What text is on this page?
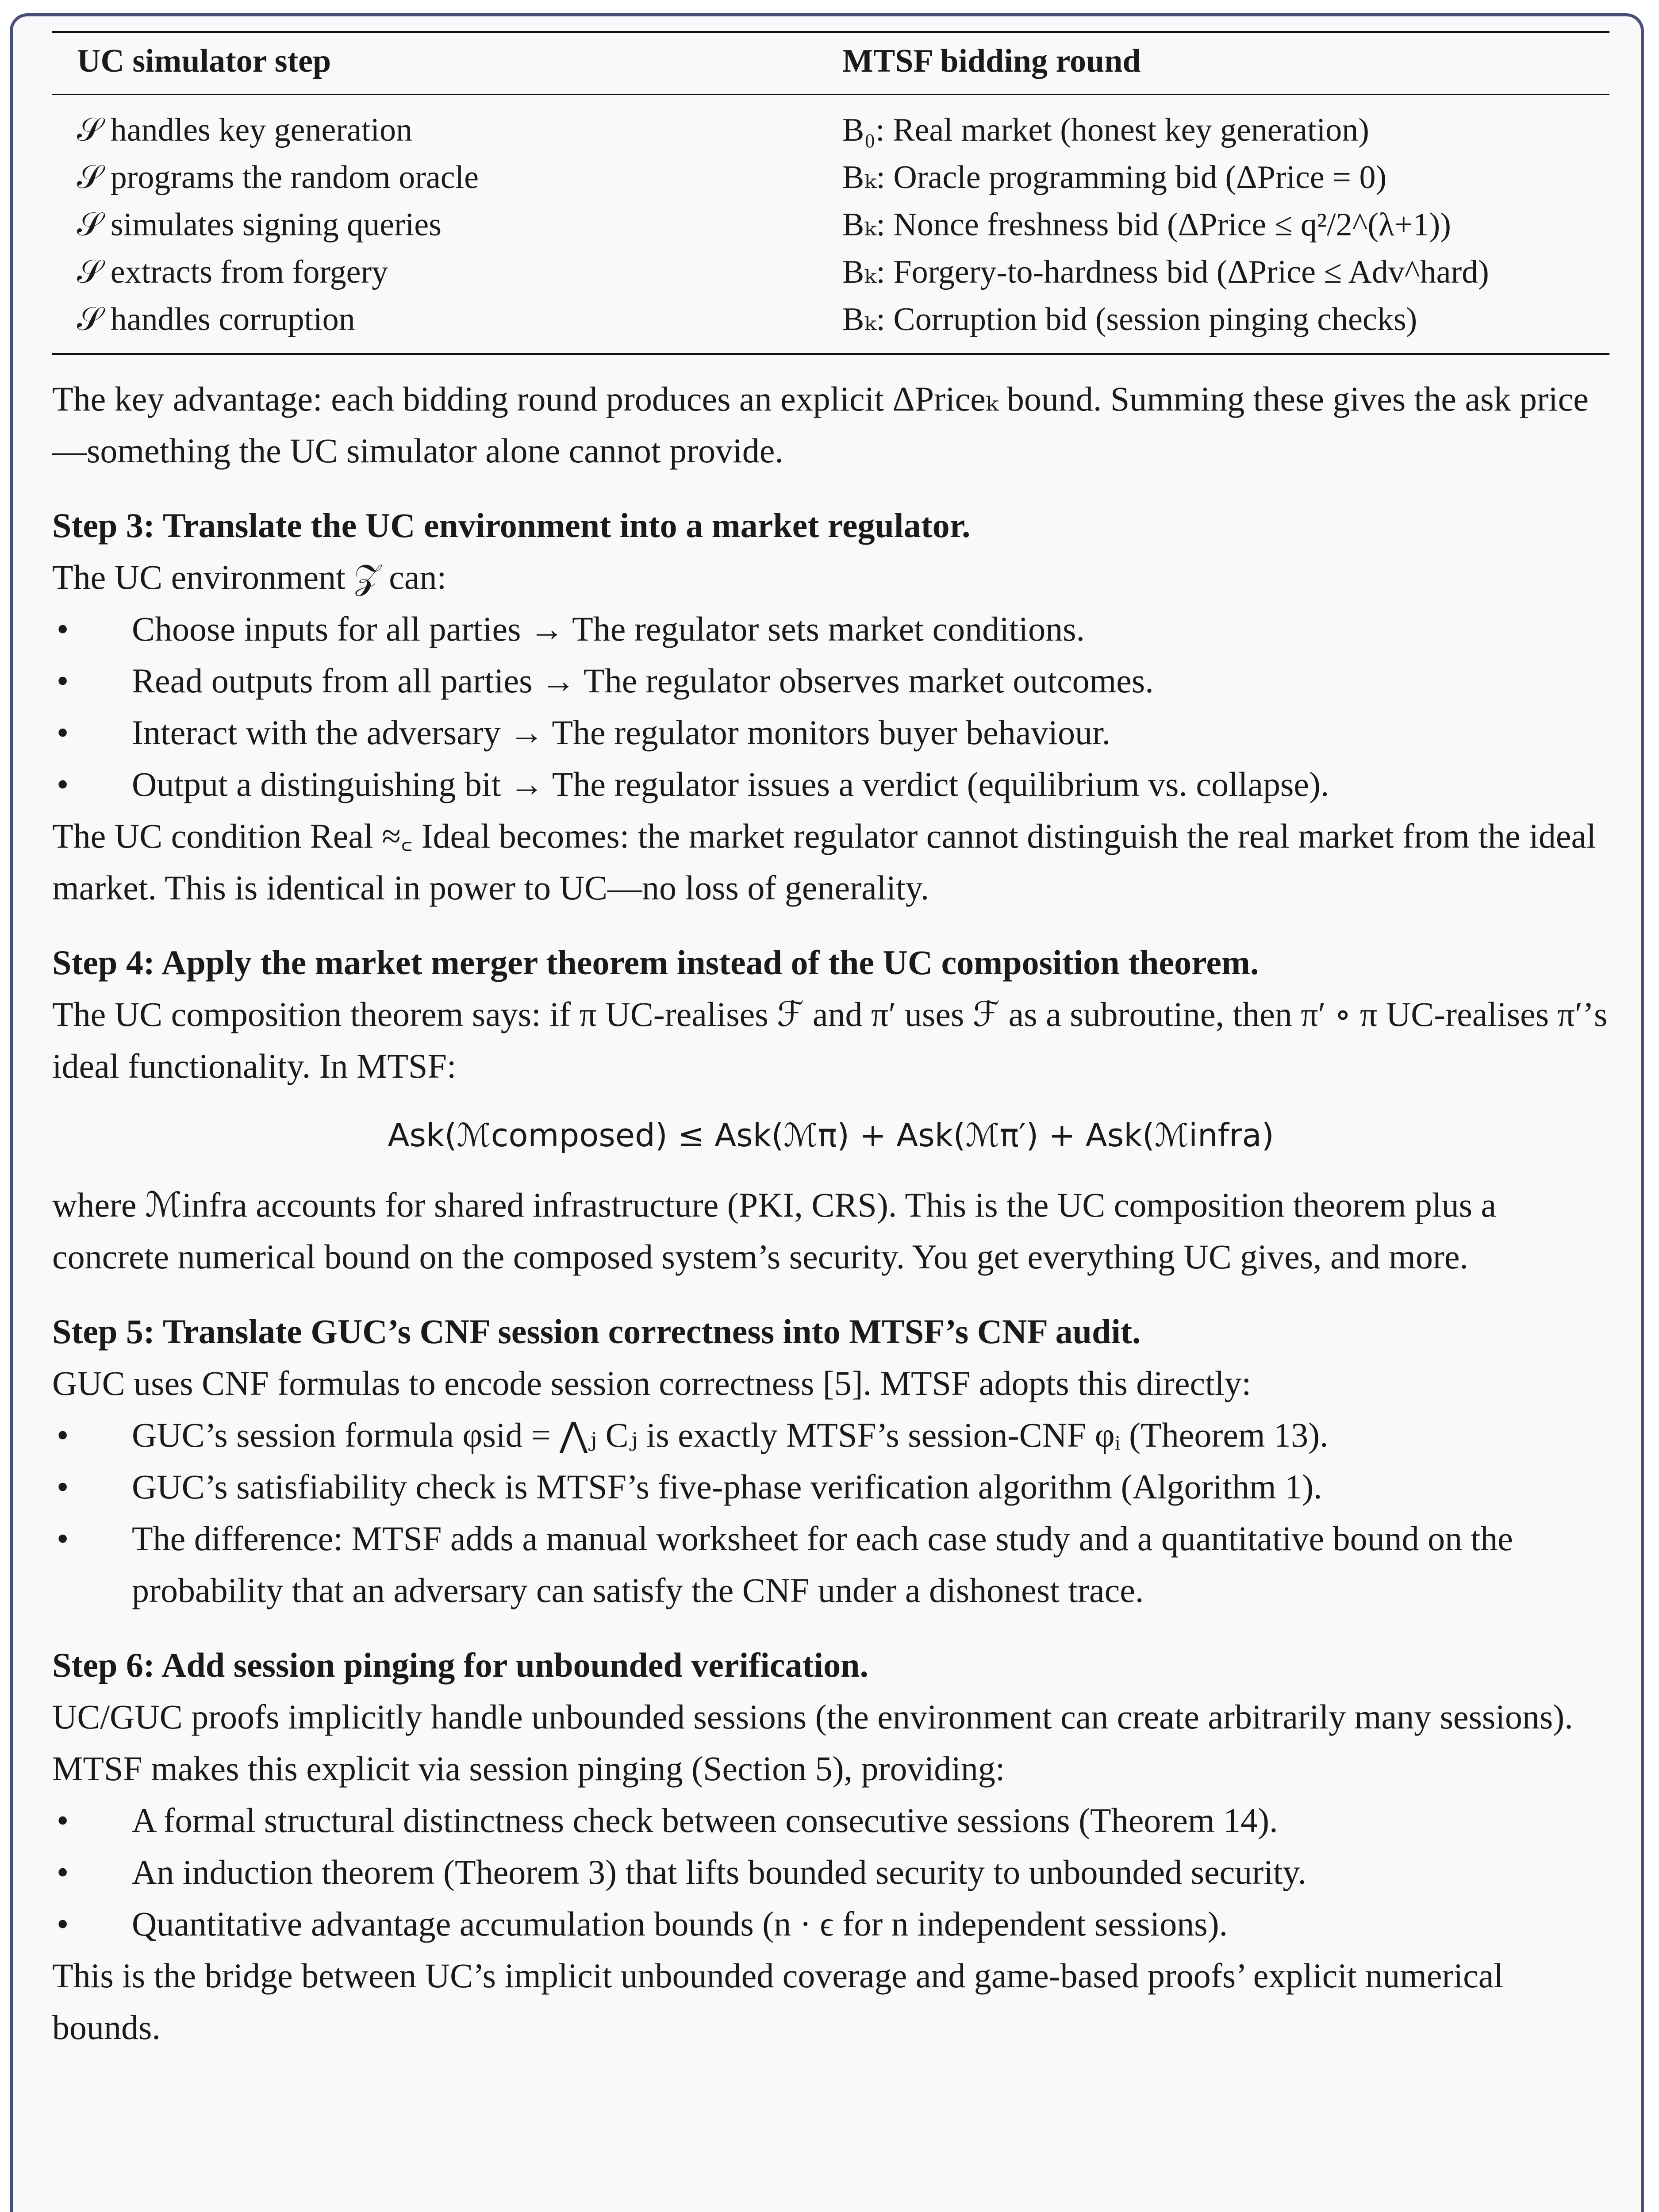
UC simulator step	MTSF bidding round

𝒮 handles key generation	B₀: Real market (honest key generation)
𝒮 programs the random oracle	Bₖ: Oracle programming bid (ΔPrice = 0)
𝒮 simulates signing queries	Bₖ: Nonce freshness bid (ΔPrice ≤ q²/2^(λ+1))
𝒮 extracts from forgery	Bₖ: Forgery-to-hardness bid (ΔPrice ≤ Adv^hard)
𝒮 handles corruption	Bₖ: Corruption bid (session pinging checks)

The key advantage: each bidding round produces an explicit ΔPriceₖ bound. Summing these gives the ask price—something the UC simulator alone cannot provide.

Step 3: Translate the UC environment into a market regulator.

The UC environment 𝒵 can:

• Choose inputs for all parties → The regulator sets market conditions.
• Read outputs from all parties → The regulator observes market outcomes.
• Interact with the adversary → The regulator monitors buyer behaviour.
• Output a distinguishing bit → The regulator issues a verdict (equilibrium vs. collapse).

The UC condition Real ≈꜀ Ideal becomes: the market regulator cannot distinguish the real market from the ideal market. This is identical in power to UC—no loss of generality.

Step 4: Apply the market merger theorem instead of the UC composition theorem.

The UC composition theorem says: if π UC-realises ℱ and π′ uses ℱ as a subroutine, then π′ ∘ π UC-realises π′’s ideal functionality. In MTSF:

Ask(ℳcomposed) ≤ Ask(ℳπ) + Ask(ℳπ′) + Ask(ℳinfra)

where ℳinfra accounts for shared infrastructure (PKI, CRS). This is the UC composition theorem plus a concrete numerical bound on the composed system’s security. You get everything UC gives, and more.

Step 5: Translate GUC’s CNF session correctness into MTSF’s CNF audit.

GUC uses CNF formulas to encode session correctness [5]. MTSF adopts this directly:

• GUC’s session formula φsid = ⋀ⱼ Cⱼ is exactly MTSF’s session-CNF φᵢ (Theorem 13).
• GUC’s satisfiability check is MTSF’s five-phase verification algorithm (Algorithm 1).
• The difference: MTSF adds a manual worksheet for each case study and a quantitative bound on the probability that an adversary can satisfy the CNF under a dishonest trace.

Step 6: Add session pinging for unbounded verification.

UC/GUC proofs implicitly handle unbounded sessions (the environment can create arbitrarily many sessions). MTSF makes this explicit via session pinging (Section 5), providing:

• A formal structural distinctness check between consecutive sessions (Theorem 14).
• An induction theorem (Theorem 3) that lifts bounded security to unbounded security.
• Quantitative advantage accumulation bounds (n · ϵ for n independent sessions).

This is the bridge between UC’s implicit unbounded coverage and game-based proofs’ explicit numerical bounds.
